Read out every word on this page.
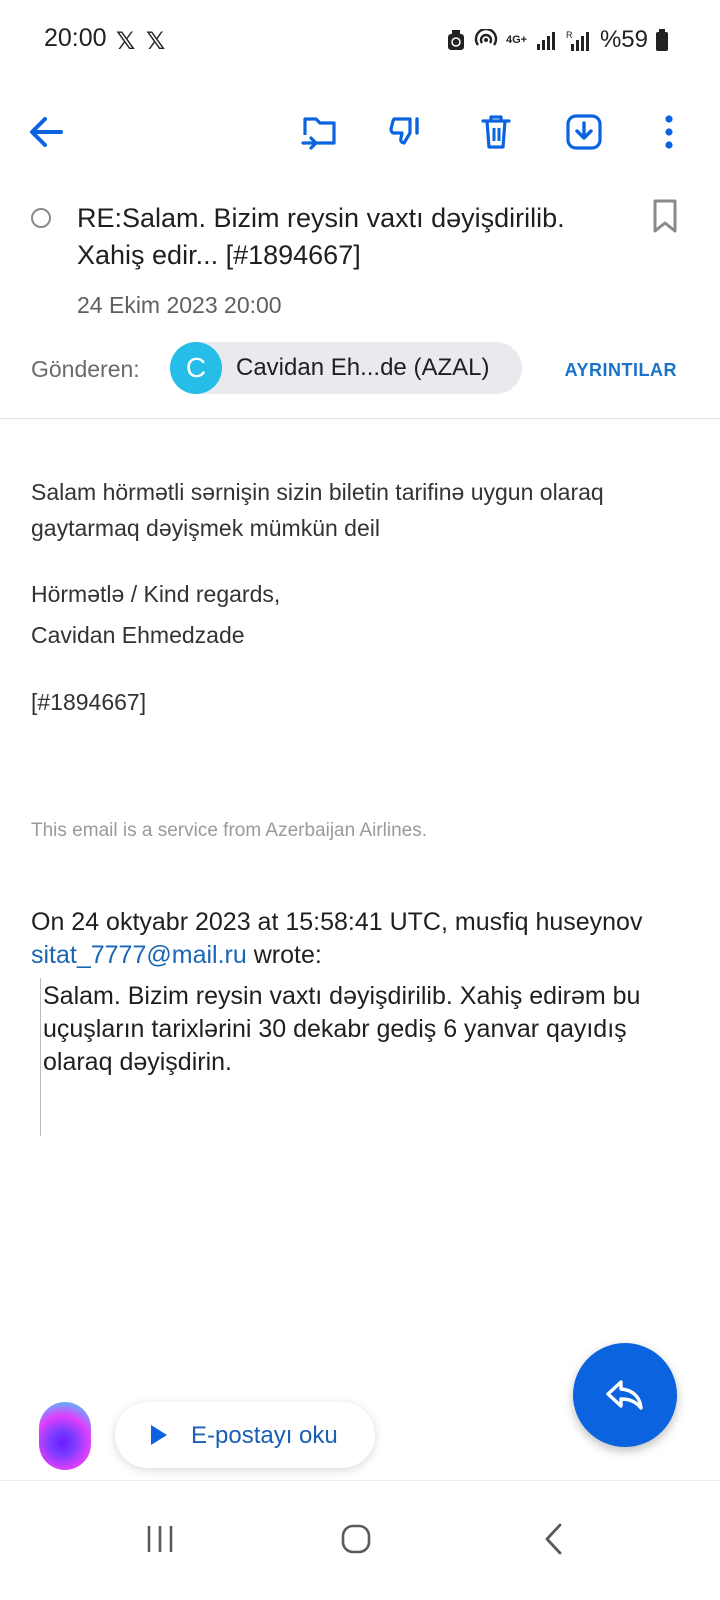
20:00 𝕏 𝕏	4G+	R %59
RE:Salam. Bizim reysin vaxtı dəyişdirilib. Xahiş edir... [#1894667]
24 Ekim 2023 20:00
Gönderen:	C	Cavidan Eh...de (AZAL)	AYRINTILAR
Salam hörmətli sərnişin sizin biletin tarifinə uygun olaraq
gaytarmaq dəyişmek mümkün deil
Hörmətlə / Kind regards,
Cavidan Ehmedzade
[#1894667]
This email is a service from Azerbaijan Airlines.
On 24 oktyabr 2023 at 15:58:41 UTC, musfiq huseynov sitat_7777@mail.ru wrote:
Salam. Bizim reysin vaxtı dəyişdirilib. Xahiş edirəm bu uçuşların tarixlərini 30 dekabr gediş 6 yanvar qayıdış olaraq dəyişdirin.
E-postayı oku
